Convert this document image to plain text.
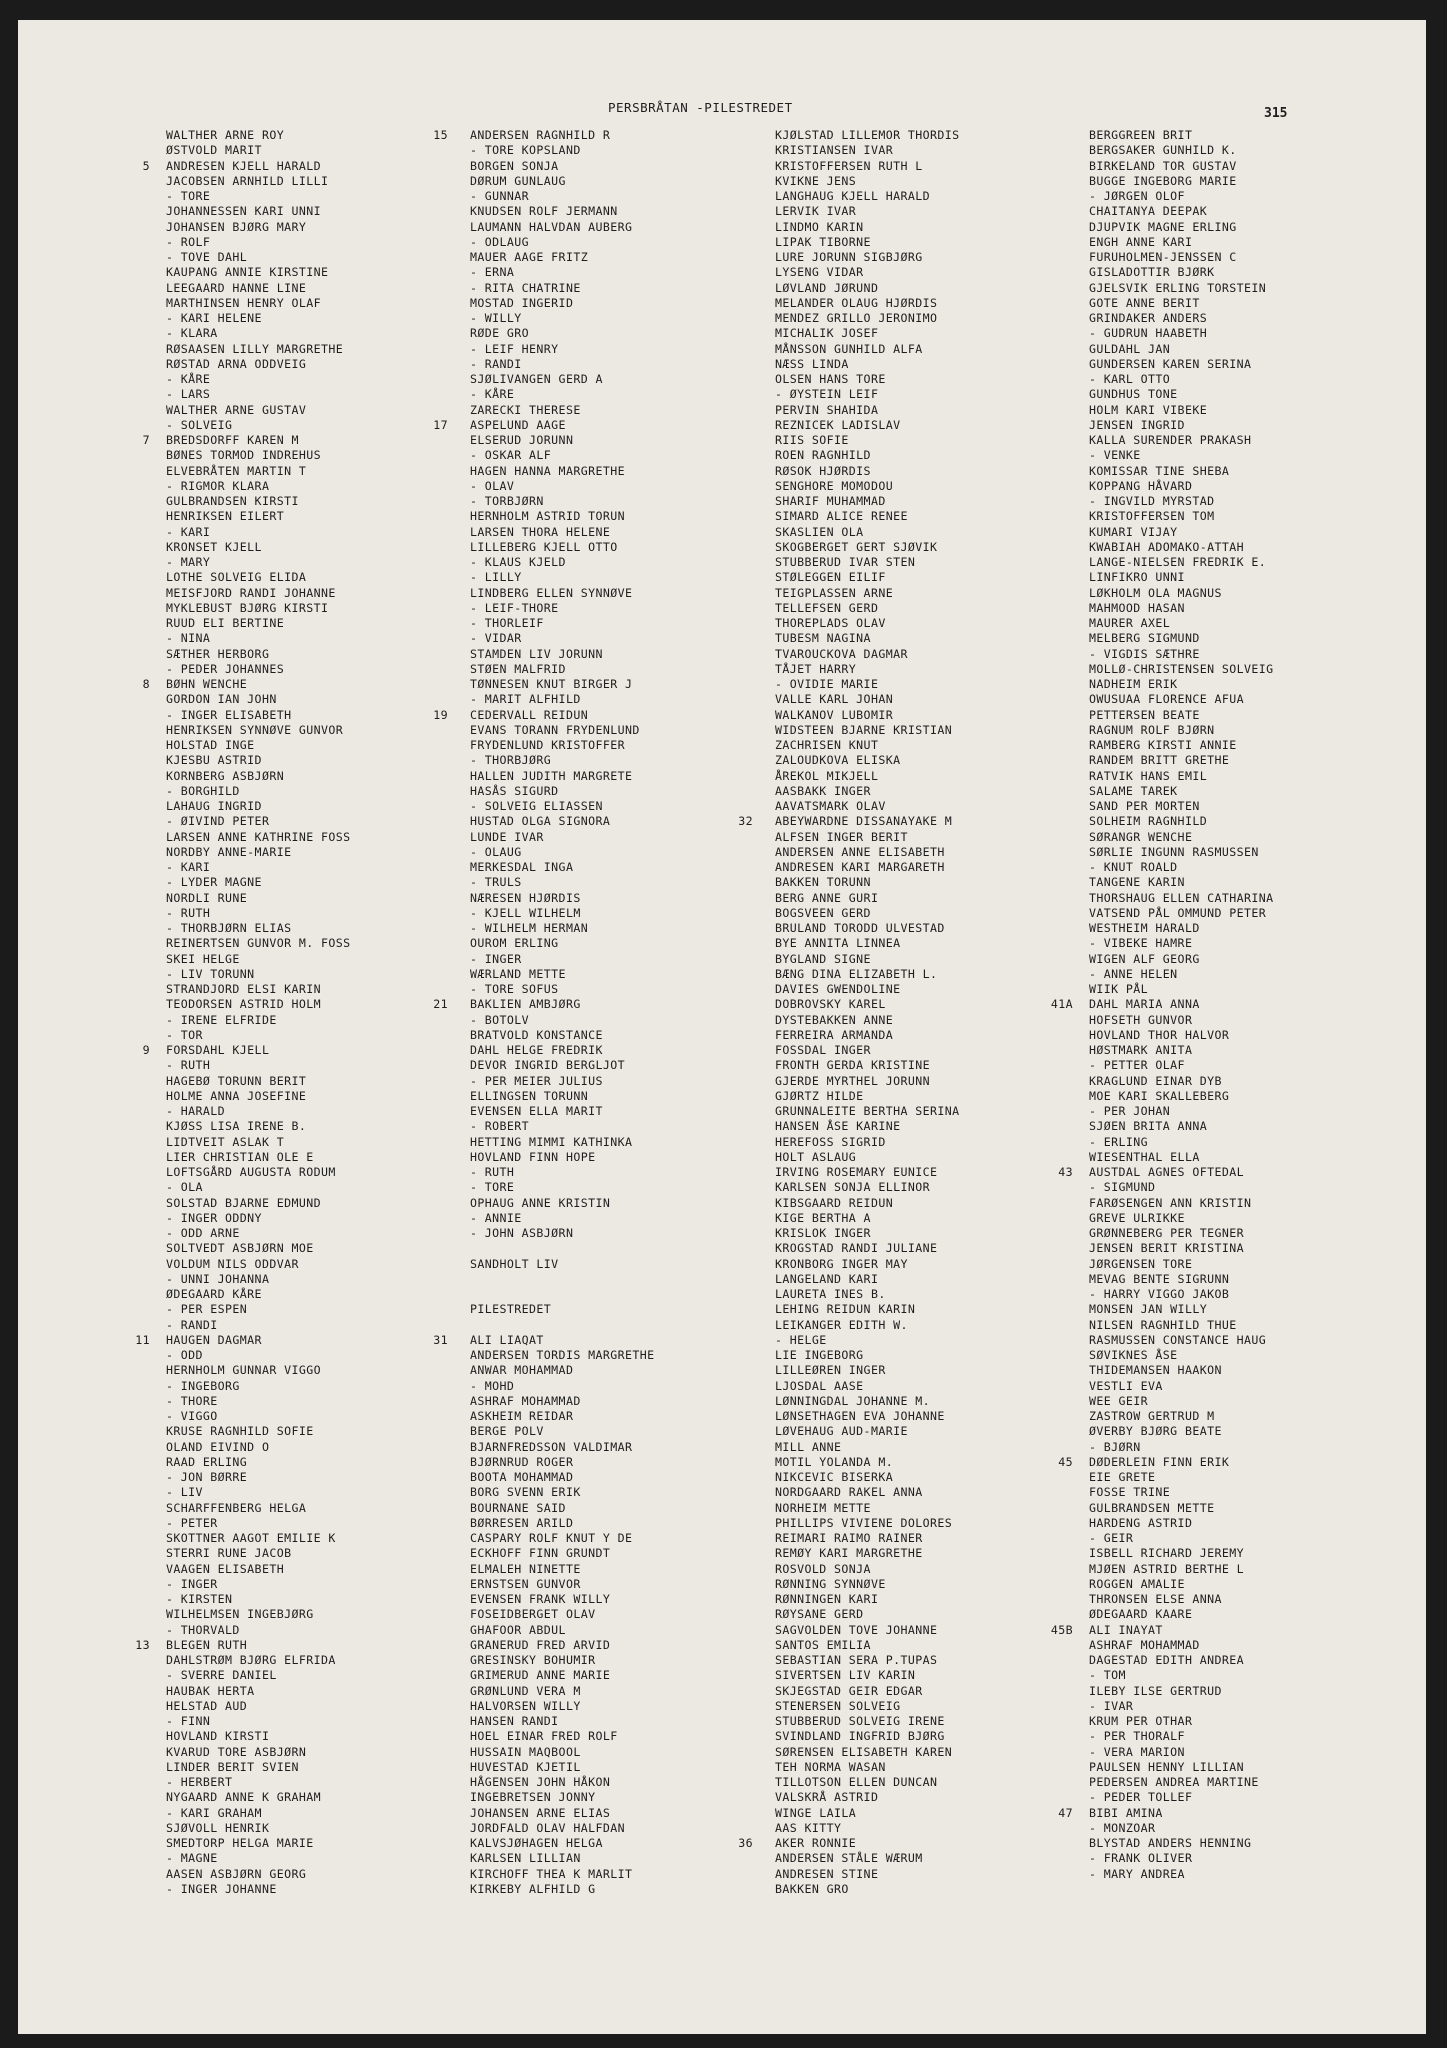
PERSBRÅTAN -PILESTREDET	315
WALTHER ARNE ROY
ØSTVOLD MARIT
5 ANDRESEN KJELL HARALD
JACOBSEN ARNHILD LILLI
- TORE
JOHANNESSEN KARI UNNI
JOHANSEN BJØRG MARY
- ROLF
- TOVE DAHL
KAUPANG ANNIE KIRSTINE
LEEGAARD HANNE LINE
MARTHINSEN HENRY OLAF
- KARI HELENE
- KLARA
RØSAASEN LILLY MARGRETHE
RØSTAD ARNA ODDVEIG
- KÅRE
- LARS
WALTHER ARNE GUSTAV
- SOLVEIG
7 BREDSDORFF KAREN M
BØNES TORMOD INDREHUS
ELVEBRÅTEN MARTIN T
- RIGMOR KLARA
GULBRANDSEN KIRSTI
HENRIKSEN EILERT
- KARI
KRONSET KJELL
- MARY
LOTHE SOLVEIG ELIDA
MEISFJORD RANDI JOHANNE
MYKLEBUST BJØRG KIRSTI
RUUD ELI BERTINE
- NINA
SÆTHER HERBORG
- PEDER JOHANNES
8 BØHN WENCHE
GORDON IAN JOHN
- INGER ELISABETH
HENRIKSEN SYNNØVE GUNVOR
HOLSTAD INGE
KJESBU ASTRID
KORNBERG ASBJØRN
- BORGHILD
LAHAUG INGRID
- ØIVIND PETER
LARSEN ANNE KATHRINE FOSS
NORDBY ANNE-MARIE
- KARI
- LYDER MAGNE
NORDLI RUNE
- RUTH
- THORBJØRN ELIAS
REINERTSEN GUNVOR M. FOSS
SKEI HELGE
- LIV TORUNN
STRANDJORD ELSI KARIN
TEODORSEN ASTRID HOLM
- IRENE ELFRIDE
- TOR
9 FORSDAHL KJELL
- RUTH
HAGEBØ TORUNN BERIT
HOLME ANNA JOSEFINE
- HARALD
KJØSS LISA IRENE B.
LIDTVEIT ASLAK T
LIER CHRISTIAN OLE E
LOFTSGÅRD AUGUSTA RODUM
- OLA
SOLSTAD BJARNE EDMUND
- INGER ODDNY
- ODD ARNE
SOLTVEDT ASBJØRN MOE
VOLDUM NILS ODDVAR
- UNNI JOHANNA
ØDEGAARD KÅRE
- PER ESPEN
- RANDI
11 HAUGEN DAGMAR
- ODD
HERNHOLM GUNNAR VIGGO
- INGEBORG
- THORE
- VIGGO
KRUSE RAGNHILD SOFIE
OLAND EIVIND O
RAAD ERLING
- JON BØRRE
- LIV
SCHARFFENBERG HELGA
- PETER
SKOTTNER AAGOT EMILIE K
STERRI RUNE JACOB
VAAGEN ELISABETH
- INGER
- KIRSTEN
WILHELMSEN INGEBJØRG
- THORVALD
13 BLEGEN RUTH
DAHLSTRØM BJØRG ELFRIDA
- SVERRE DANIEL
HAUBAK HERTA
HELSTAD AUD
- FINN
HOVLAND KIRSTI
KVARUD TORE ASBJØRN
LINDER BERIT SVIEN
- HERBERT
NYGAARD ANNE K GRAHAM
- KARI GRAHAM
SJØVOLL HENRIK
SMEDTORP HELGA MARIE
- MAGNE
AASEN ASBJØRN GEORG
- INGER JOHANNE
15 ANDERSEN RAGNHILD R
- TORE KOPSLAND
BORGEN SONJA
DØRUM GUNLAUG
- GUNNAR
KNUDSEN ROLF JERMANN
LAUMANN HALVDAN AUBERG
- ODLAUG
MAUER AAGE FRITZ
- ERNA
- RITA CHATRINE
MOSTAD INGERID
- WILLY
RØDE GRO
- LEIF HENRY
- RANDI
SJØLIVANGEN GERD A
- KÅRE
ZARECKI THERESE
17 ASPELUND AAGE
ELSERUD JORUNN
- OSKAR ALF
HAGEN HANNA MARGRETHE
- OLAV
- TORBJØRN
HERNHOLM ASTRID TORUN
LARSEN THORA HELENE
LILLEBERG KJELL OTTO
- KLAUS KJELD
- LILLY
LINDBERG ELLEN SYNNØVE
- LEIF-THORE
- THORLEIF
- VIDAR
STAMDEN LIV JORUNN
STØEN MALFRID
TØNNESEN KNUT BIRGER J
- MARIT ALFHILD
19 CEDERVALL REIDUN
EVANS TORANN FRYDENLUND
FRYDENLUND KRISTOFFER
- THORBJØRG
HALLEN JUDITH MARGRETE
HASÅS SIGURD
- SOLVEIG ELIASSEN
HUSTAD OLGA SIGNORA
LUNDE IVAR
- OLAUG
MERKESDAL INGA
- TRULS
NÆRESEN HJØRDIS
- KJELL WILHELM
- WILHELM HERMAN
OUROM ERLING
- INGER
WÆRLAND METTE
- TORE SOFUS
21 BAKLIEN AMBJØRG
- BOTOLV
BRATVOLD KONSTANCE
DAHL HELGE FREDRIK
DEVOR INGRID BERGLJOT
- PER MEIER JULIUS
ELLINGSEN TORUNN
EVENSEN ELLA MARIT
- ROBERT
HETTING MIMMI KATHINKA
HOVLAND FINN HOPE
- RUTH
- TORE
OPHAUG ANNE KRISTIN
- ANNIE
- JOHN ASBJØRN
SANDHOLT LIV
PILESTREDET
31 ALI LIAQAT
ANDERSEN TORDIS MARGRETHE
ANWAR MOHAMMAD
- MOHD
ASHRAF MOHAMMAD
ASKHEIM REIDAR
BERGE POLV
BJARNFREDSSON VALDIMAR
BJØRNRUD ROGER
BOOTA MOHAMMAD
BORG SVENN ERIK
BOURNANE SAID
BØRRESEN ARILD
CASPARY ROLF KNUT Y DE
ECKHOFF FINN GRUNDT
ELMALEH NINETTE
ERNSTSEN GUNVOR
EVENSEN FRANK WILLY
FOSEIDBERGET OLAV
GHAFOOR ABDUL
GRANERUD FRED ARVID
GRESINSKY BOHUMIR
GRIMERUD ANNE MARIE
GRØNLUND VERA M
HALVORSEN WILLY
HANSEN RANDI
HOEL EINAR FRED ROLF
HUSSAIN MAQBOOL
HUVESTAD KJETIL
HÅGENSEN JOHN HÅKON
INGEBRETSEN JONNY
JOHANSEN ARNE ELIAS
JORDFALD OLAV HALFDAN
KALVSJØHAGEN HELGA
KARLSEN LILLIAN
KIRCHOFF THEA K MARLIT
KIRKEBY ALFHILD G
KJØLSTAD LILLEMOR THORDIS
KRISTIANSEN IVAR
KRISTOFFERSEN RUTH L
KVIKNE JENS
LANGHAUG KJELL HARALD
LERVIK IVAR
LINDMO KARIN
LIPAK TIBORNE
LURE JORUNN SIGBJØRG
LYSENG VIDAR
LØVLAND JØRUND
MELANDER OLAUG HJØRDIS
MENDEZ GRILLO JERONIMO
MICHALIK JOSEF
MÅNSSON GUNHILD ALFA
NÆSS LINDA
OLSEN HANS TORE
- ØYSTEIN LEIF
PERVIN SHAHIDA
REZNICEK LADISLAV
RIIS SOFIE
ROEN RAGNHILD
RØSOK HJØRDIS
SENGHORE MOMODOU
SHARIF MUHAMMAD
SIMARD ALICE RENEE
SKASLIEN OLA
SKOGBERGET GERT SJØVIK
STUBBERUD IVAR STEN
STØLEGGEN EILIF
TEIGPLASSEN ARNE
TELLEFSEN GERD
THOREPLADS OLAV
TUBESM NAGINA
TVAROUCKOVA DAGMAR
TÅJET HARRY
- OVIDIE MARIE
VALLE KARL JOHAN
WALKANOV LUBOMIR
WIDSTEEN BJARNE KRISTIAN
ZACHRISEN KNUT
ZALOUDKOVA ELISKA
ÅREKOL MIKJELL
AASBAKK INGER
AAVATSMARK OLAV
32 ABEYWARDNE DISSANAYAKE M
ALFSEN INGER BERIT
ANDERSEN ANNE ELISABETH
ANDRESEN KARI MARGARETH
BAKKEN TORUNN
BERG ANNE GURI
BOGSVEEN GERD
BRULAND TORODD ULVESTAD
BYE ANNITA LINNEA
BYGLAND SIGNE
BÆNG DINA ELIZABETH L.
DAVIES GWENDOLINE
DOBROVSKY KAREL
DYSTEBAKKEN ANNE
FERREIRA ARMANDA
FOSSDAL INGER
FRONTH GERDA KRISTINE
GJERDE MYRTHEL JORUNN
GJØRTZ HILDE
GRUNNALEITE BERTHA SERINA
HANSEN ÅSE KARINE
HEREFOSS SIGRID
HOLT ASLAUG
IRVING ROSEMARY EUNICE
KARLSEN SONJA ELLINOR
KIBSGAARD REIDUN
KIGE BERTHA A
KRISLOK INGER
KROGSTAD RANDI JULIANE
KRONBORG INGER MAY
LANGELAND KARI
LAURETA INES B.
LEHING REIDUN KARIN
LEIKANGER EDITH W.
- HELGE
LIE INGEBORG
LILLEØREN INGER
LJOSDAL AASE
LØNNINGDAL JOHANNE M.
LØNSETHAGEN EVA JOHANNE
LØVEHAUG AUD-MARIE
MILL ANNE
MOTIL YOLANDA M.
NIKCEVIC BISERKA
NORDGAARD RAKEL ANNA
NORHEIM METTE
PHILLIPS VIVIENE DOLORES
REIMARI RAIMO RAINER
REMØY KARI MARGRETHE
ROSVOLD SONJA
RØNNING SYNNØVE
RØNNINGEN KARI
RØYSANE GERD
SAGVOLDEN TOVE JOHANNE
SANTOS EMILIA
SEBASTIAN SERA P.TUPAS
SIVERTSEN LIV KARIN
SKJEGSTAD GEIR EDGAR
STENERSEN SOLVEIG
STUBBERUD SOLVEIG IRENE
SVINDLAND INGFRID BJØRG
SØRENSEN ELISABETH KAREN
TEH NORMA WASAN
TILLOTSON ELLEN DUNCAN
VALSKRÅ ASTRID
WINGE LAILA
AAS KITTY
36 AKER RONNIE
ANDERSEN STÅLE WÆRUM
ANDRESEN STINE
BAKKEN GRO
BERGGREEN BRIT
BERGSAKER GUNHILD K.
BIRKELAND TOR GUSTAV
BUGGE INGEBORG MARIE
- JØRGEN OLOF
CHAITANYA DEEPAK
DJUPVIK MAGNE ERLING
ENGH ANNE KARI
FURUHOLMEN-JENSSEN C
GISLADOTTIR BJØRK
GJELSVIK ERLING TORSTEIN
GOTE ANNE BERIT
GRINDAKER ANDERS
- GUDRUN HAABETH
GULDAHL JAN
GUNDERSEN KAREN SERINA
- KARL OTTO
GUNDHUS TONE
HOLM KARI VIBEKE
JENSEN INGRID
KALLA SURENDER PRAKASH
- VENKE
KOMISSAR TINE SHEBA
KOPPANG HÅVARD
- INGVILD MYRSTAD
KRISTOFFERSEN TOM
KUMARI VIJAY
KWABIAH ADOMAKO-ATTAH
LANGE-NIELSEN FREDRIK E.
LINFIKRO UNNI
LØKHOLM OLA MAGNUS
MAHMOOD HASAN
MAURER AXEL
MELBERG SIGMUND
- VIGDIS SÆTHRE
MOLLØ-CHRISTENSEN SOLVEIG
NADHEIM ERIK
OWUSUAA FLORENCE AFUA
PETTERSEN BEATE
RAGNUM ROLF BJØRN
RAMBERG KIRSTI ANNIE
RANDEM BRITT GRETHE
RATVIK HANS EMIL
SALAME TAREK
SAND PER MORTEN
SOLHEIM RAGNHILD
SØRANGR WENCHE
SØRLIE INGUNN RASMUSSEN
- KNUT ROALD
TANGENE KARIN
THORSHAUG ELLEN CATHARINA
VATSEND PÅL OMMUND PETER
WESTHEIM HARALD
- VIBEKE HAMRE
WIGEN ALF GEORG
- ANNE HELEN
WIIK PÅL
41A DAHL MARIA ANNA
HOFSETH GUNVOR
HOVLAND THOR HALVOR
HØSTMARK ANITA
- PETTER OLAF
KRAGLUND EINAR DYB
MOE KARI SKALLEBERG
- PER JOHAN
SJØEN BRITA ANNA
- ERLING
WIESENTHAL ELLA
43 AUSTDAL AGNES OFTEDAL
- SIGMUND
FARØSENGEN ANN KRISTIN
GREVE ULRIKKE
GRØNNEBERG PER TEGNER
JENSEN BERIT KRISTINA
JØRGENSEN TORE
MEVAG BENTE SIGRUNN
- HARRY VIGGO JAKOB
MONSEN JAN WILLY
NILSEN RAGNHILD THUE
RASMUSSEN CONSTANCE HAUG
SØVIKNES ÅSE
THIDEMANSEN HAAKON
VESTLI EVA
WEE GEIR
ZASTROW GERTRUD M
ØVERBY BJØRG BEATE
- BJØRN
45 DØDERLEIN FINN ERIK
EIE GRETE
FOSSE TRINE
GULBRANDSEN METTE
HARDENG ASTRID
- GEIR
ISBELL RICHARD JEREMY
MJØEN ASTRID BERTHE L
ROGGEN AMALIE
THRONSEN ELSE ANNA
ØDEGAARD KAARE
45B ALI INAYAT
ASHRAF MOHAMMAD
DAGESTAD EDITH ANDREA
- TOM
ILEBY ILSE GERTRUD
- IVAR
KRUM PER OTHAR
- PER THORALF
- VERA MARION
PAULSEN HENNY LILLIAN
PEDERSEN ANDREA MARTINE
- PEDER TOLLEF
47 BIBI AMINA
- MONZOAR
BLYSTAD ANDERS HENNING
- FRANK OLIVER
- MARY ANDREA
